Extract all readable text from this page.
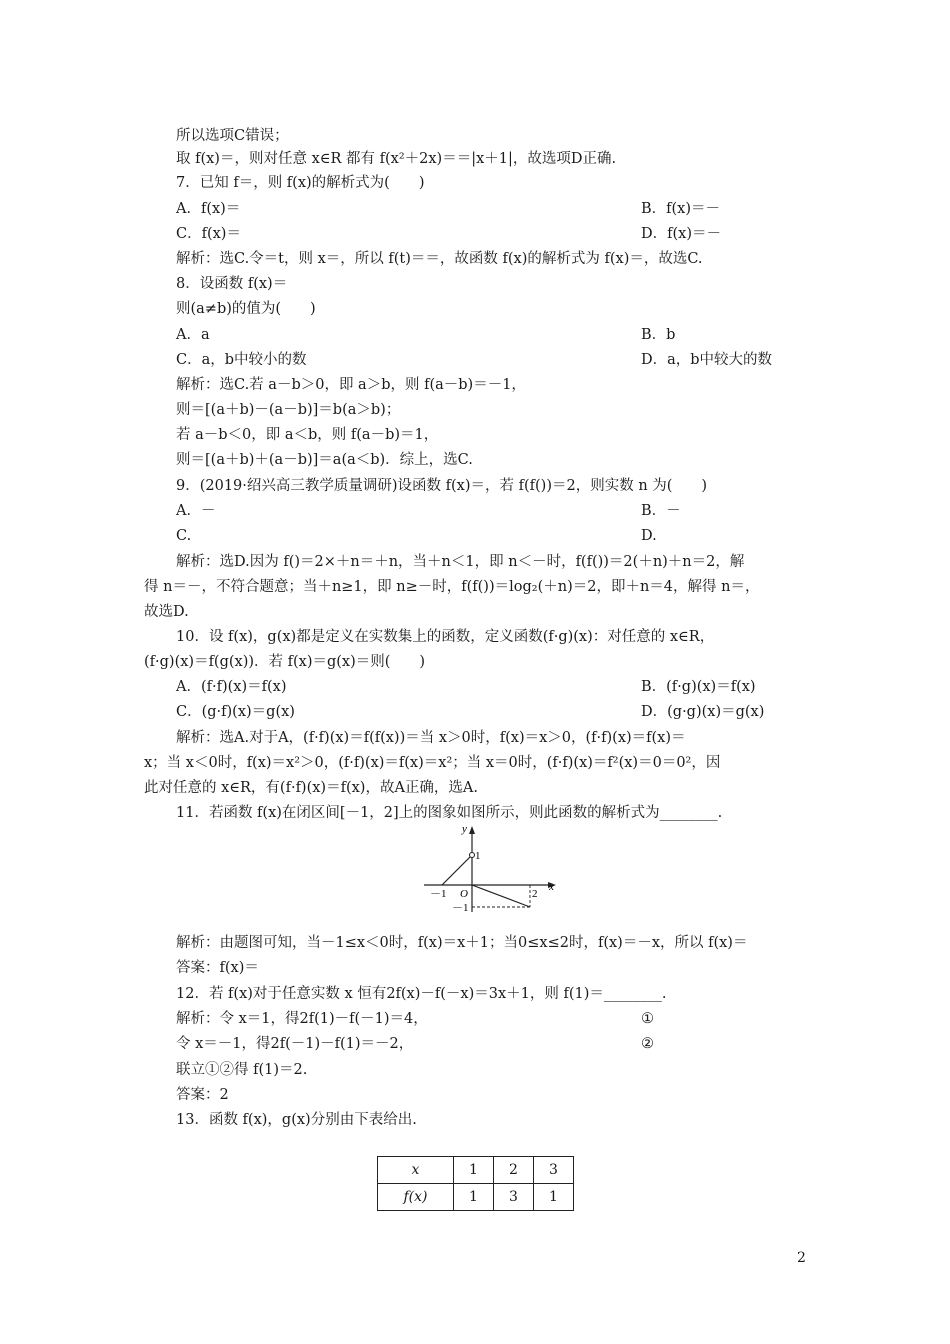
所以选项C错误；
取 f(x)＝，则对任意 x∈R 都有 f(x²＋2x)＝＝|x＋1|，故选项D正确.
7．已知 f＝，则 f(x)的解析式为(　　)
A．f(x)＝	B．f(x)＝－
C．f(x)＝	D．f(x)＝－
解析：选C.令＝t，则 x＝，所以 f(t)＝＝，故函数 f(x)的解析式为 f(x)＝，故选C.
8．设函数 f(x)＝
则(a≠b)的值为(　　)
A．a	B．b
C．a，b中较小的数	D．a，b中较大的数
解析：选C.若 a－b＞0，即 a＞b，则 f(a－b)＝－1，
则＝[(a＋b)－(a－b)]＝b(a＞b)；
若 a－b＜0，即 a＜b，则 f(a－b)＝1，
则＝[(a＋b)＋(a－b)]＝a(a＜b)．综上，选C.
9．(2019·绍兴高三教学质量调研)设函数 f(x)＝，若 f(f())＝2，则实数 n 为(　　)
A．－	B．－
C.	D.
解析：选D.因为 f()＝2×＋n＝＋n，当＋n＜1，即 n＜－时，f(f())＝2(＋n)＋n＝2，解
得 n＝－，不符合题意；当＋n≥1，即 n≥－时，f(f())＝log₂(＋n)＝2，即＋n＝4，解得 n＝，
故选D.
10．设 f(x)，g(x)都是定义在实数集上的函数，定义函数(f·g)(x)：对任意的 x∈R，
(f·g)(x)＝f(g(x))．若 f(x)＝g(x)＝则(　　)
A．(f·f)(x)＝f(x)	B．(f·g)(x)＝f(x)
C．(g·f)(x)＝g(x)	D．(g·g)(x)＝g(x)
解析：选A.对于A，(f·f)(x)＝f(f(x))＝当 x＞0时，f(x)＝x＞0，(f·f)(x)＝f(x)＝
x；当 x＜0时，f(x)＝x²＞0，(f·f)(x)＝f(x)＝x²；当 x＝0时，(f·f)(x)＝f²(x)＝0＝0²，因
此对任意的 x∈R，有(f·f)(x)＝f(x)，故A正确，选A.
11．若函数 f(x)在闭区间[－1，2]上的图象如图所示，则此函数的解析式为________.
y
x
O
－1	2
1
－1
解析：由题图可知，当－1≤x＜0时，f(x)＝x＋1；当0≤x≤2时，f(x)＝－x，所以 f(x)＝
答案：f(x)＝
12．若 f(x)对于任意实数 x 恒有2f(x)－f(－x)＝3x＋1，则 f(1)＝________.
解析：令 x＝1，得2f(1)－f(－1)＝4，	①
令 x＝－1，得2f(－1)－f(1)＝－2，	②
联立①②得 f(1)＝2.
答案：2
13．函数 f(x)，g(x)分别由下表给出.
x	1	2	3
f(x)	1	3	1
2
